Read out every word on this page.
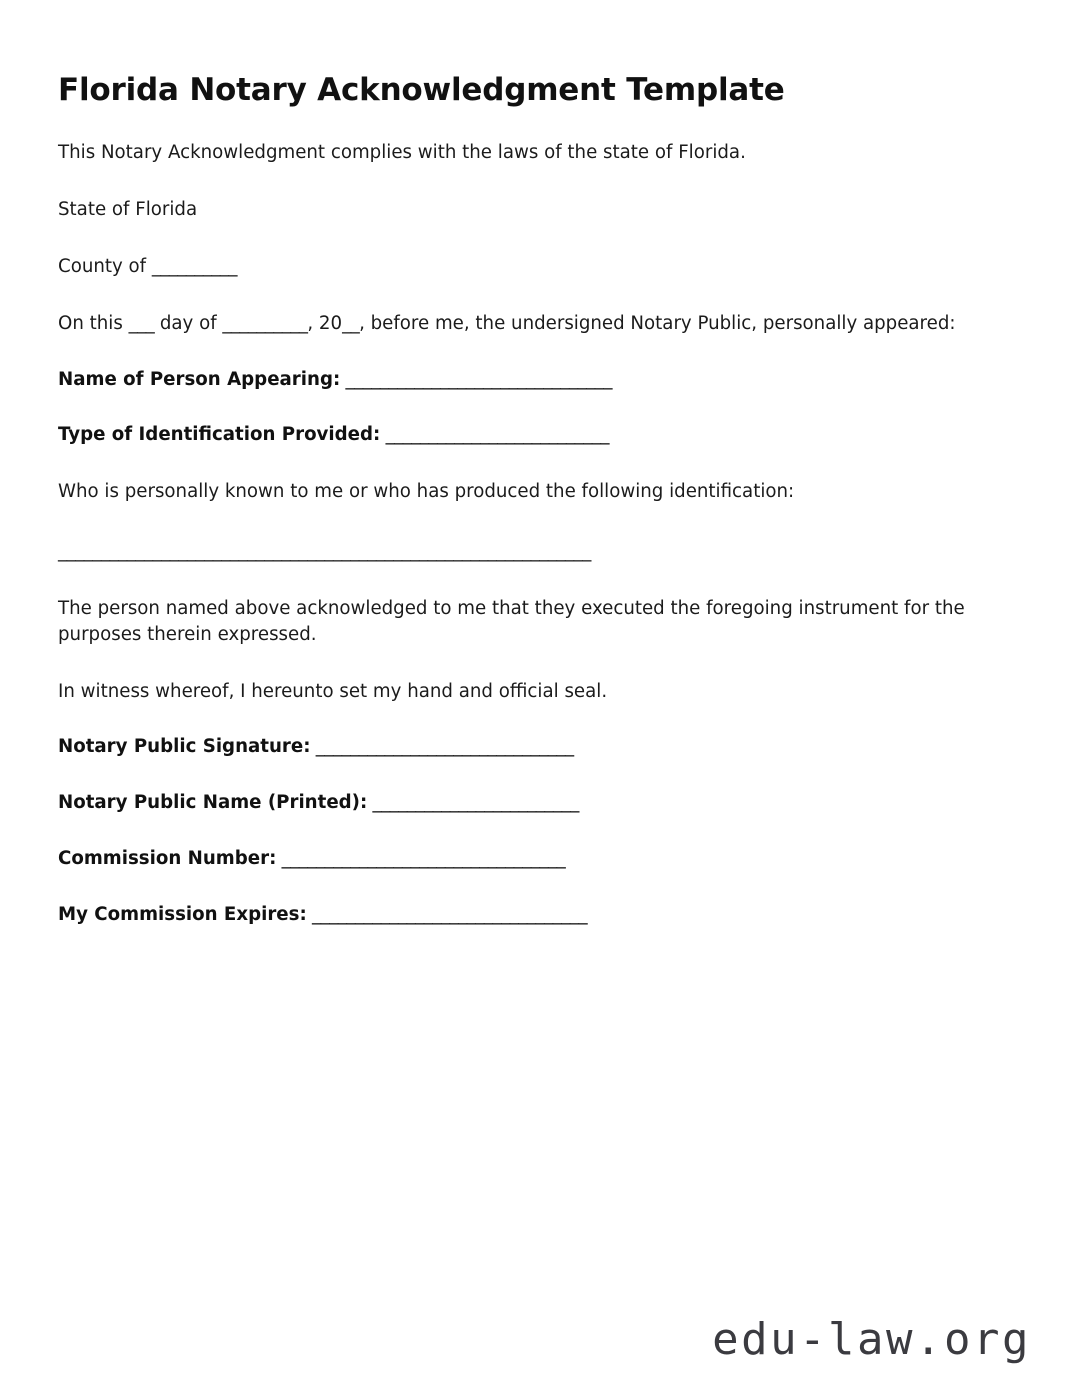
Florida Notary Acknowledgment Template

This Notary Acknowledgment complies with the laws of the state of Florida.

State of Florida

County of __________

On this ___ day of __________, 20__, before me, the undersigned Notary Public, personally appeared:

Name of Person Appearing: _______________________________

Type of Identification Provided: __________________________

Who is personally known to me or who has produced the following identification:

______________________________________________________________

The person named above acknowledged to me that they executed the foregoing instrument for the purposes therein expressed.

In witness whereof, I hereunto set my hand and official seal.

Notary Public Signature: ______________________________

Notary Public Name (Printed): ________________________

Commission Number: _________________________________

My Commission Expires: ________________________________

edu-law.org
